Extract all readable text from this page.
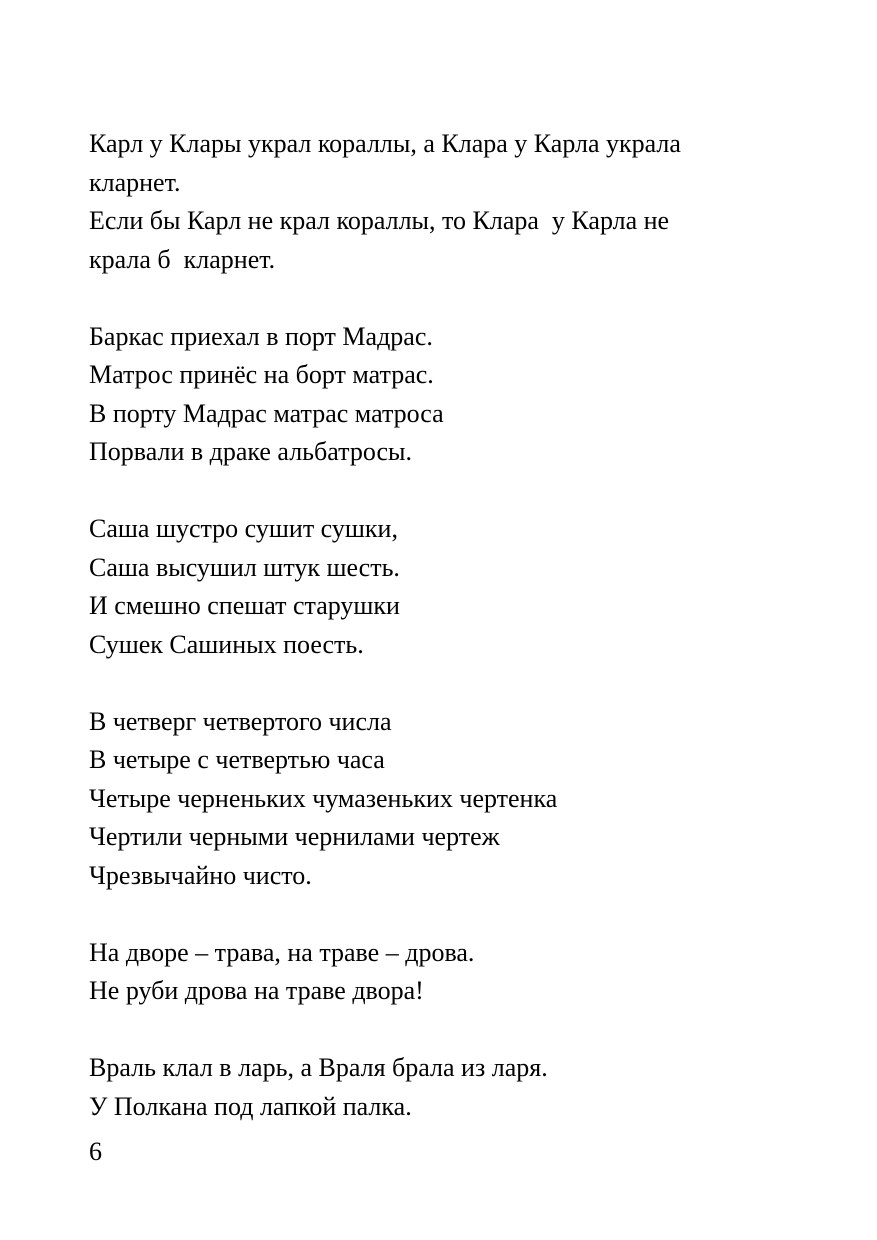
Карл у Клары украл кораллы, а Клара у Карла украла
кларнет.
Если бы Карл не крал кораллы, то Клара  у Карла не
крала б  кларнет.
Баркас приехал в порт Мадрас.
Матрос принёс на борт матрас.
В порту Мадрас матрас матроса
Порвали в драке альбатросы.
Саша шустро сушит сушки,
Саша высушил штук шесть.
И смешно спешат старушки
Сушек Сашиных поесть.
В четверг четвертого числа
В четыре с четвертью часа
Четыре черненьких чумазеньких чертенка
Чертили черными чернилами чертеж
Чрезвычайно чисто.
На дворе – трава, на траве – дрова.
Не руби дрова на траве двора!
Враль клал в ларь, а Враля брала из ларя.
У Полкана под лапкой палка.
6
